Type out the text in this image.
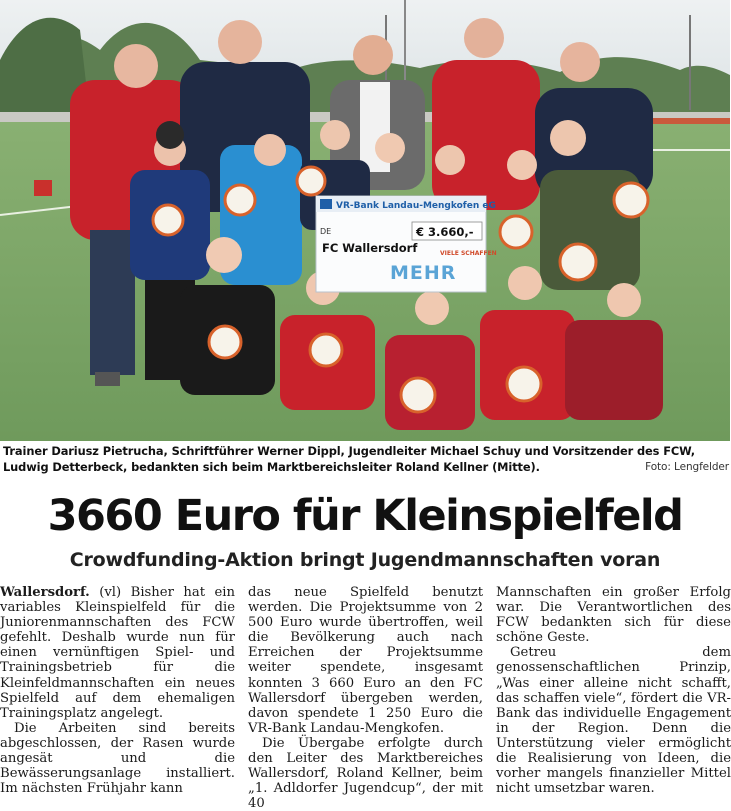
VR-Bank Landau-Mengkofen eG
DE	€ 3.660,-
FC Wallersdorf	VIELE SCHAFFEN
MEHR
Trainer Dariusz Pietrucha, Schriftführer Werner Dippl, Jugendleiter Michael Schuy und Vorsitzender des FCW, Ludwig Detterbeck, bedankten sich beim Marktbereichsleiter Roland Kellner (Mitte).	Foto: Lengfelder
3660 Euro für Kleinspielfeld
Crowdfunding-Aktion bringt Jugendmannschaften voran

Wallersdorf. (vl) Bisher hat ein variables Kleinspielfeld für die Juniorenmannschaften des FCW gefehlt. Deshalb wurde nun für einen vernünftigen Spiel- und Trainingsbetrieb für die Kleinfeldmannschaften ein neues Spielfeld auf dem ehemaligen Trainingsplatz angelegt.

Die Arbeiten sind bereits abgeschlossen, der Rasen wurde angesät und die Bewässerungsanlage installiert. Im nächsten Frühjahr kann

das neue Spielfeld benutzt werden. Die Projektsumme von 2 500 Euro wurde übertroffen, weil die Bevölkerung auch nach Erreichen der Projektsumme weiter spendete, insgesamt konnten 3 660 Euro an den FC Wallersdorf übergeben werden, davon spendete 1 250 Euro die VR-Bank Landau-Mengkofen.

Die Übergabe erfolgte durch den Leiter des Marktbereiches Wallersdorf, Roland Kellner, beim „1. Adldorfer Jugendcup“, der mit 40

Mannschaften ein großer Erfolg war. Die Verantwortlichen des FCW bedankten sich für diese schöne Geste.

Getreu dem genossenschaftlichen Prinzip, „Was einer alleine nicht schafft, das schaffen viele“, fördert die VR-Bank das individuelle Engagement in der Region. Denn die Unterstützung vieler ermöglicht die Realisierung von Ideen, die vorher mangels finanzieller Mittel nicht umsetzbar waren.
